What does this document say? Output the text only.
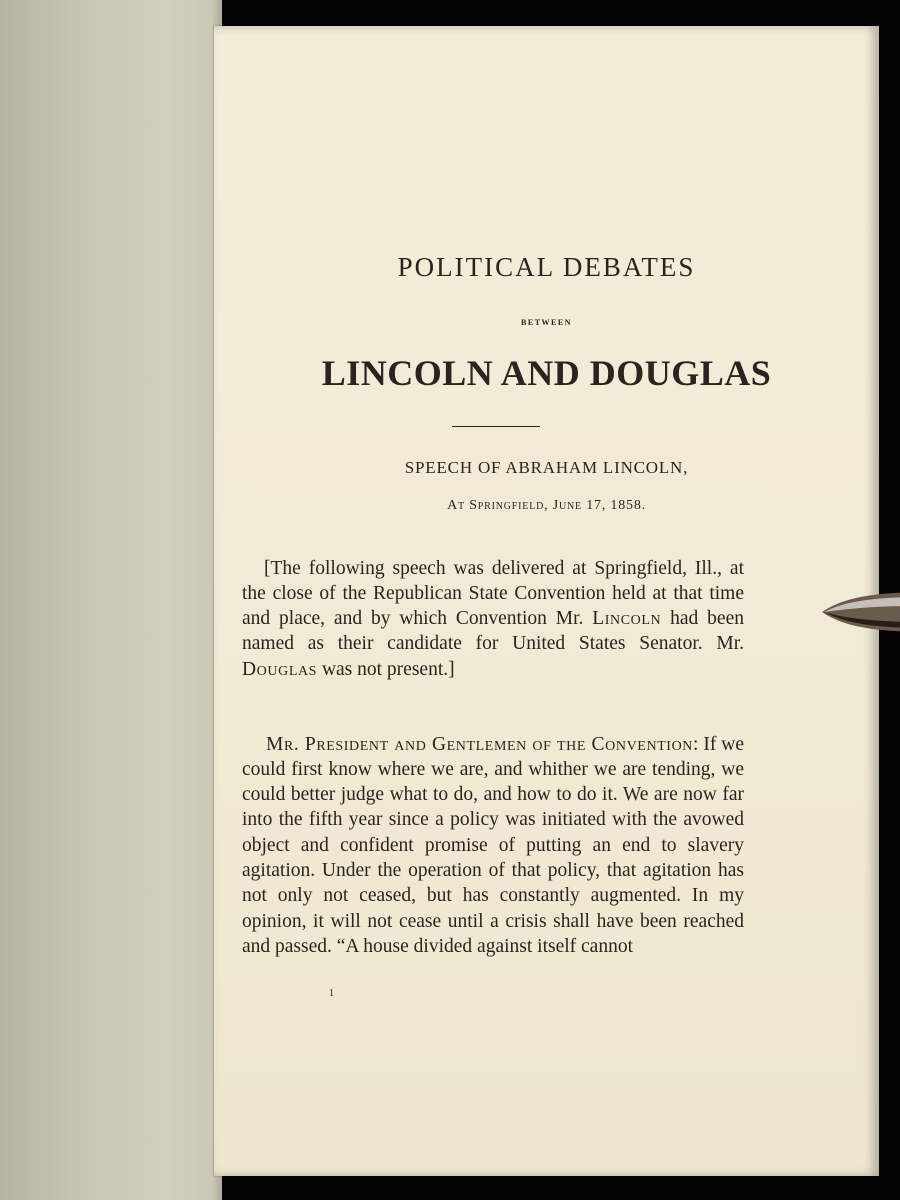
POLITICAL DEBATES
between
LINCOLN AND DOUGLAS
SPEECH OF ABRAHAM LINCOLN,
At Springfield, June 17, 1858.

[The following speech was delivered at Springfield, Ill., at the close of the Republican State Convention held at that time and place, and by which Convention Mr. Lincoln had been named as their candidate for United States Senator. Mr. Douglas was not present.]

Mr. President and Gentlemen of the Convention: If we could first know where we are, and whither we are tending, we could better judge what to do, and how to do it. We are now far into the fifth year since a policy was initiated with the avowed object and confident promise of putting an end to slavery agitation. Under the operation of that policy, that agitation has not only not ceased, but has constantly augmented. In my opinion, it will not cease until a crisis shall have been reached and passed. “A house divided against itself cannot

1
